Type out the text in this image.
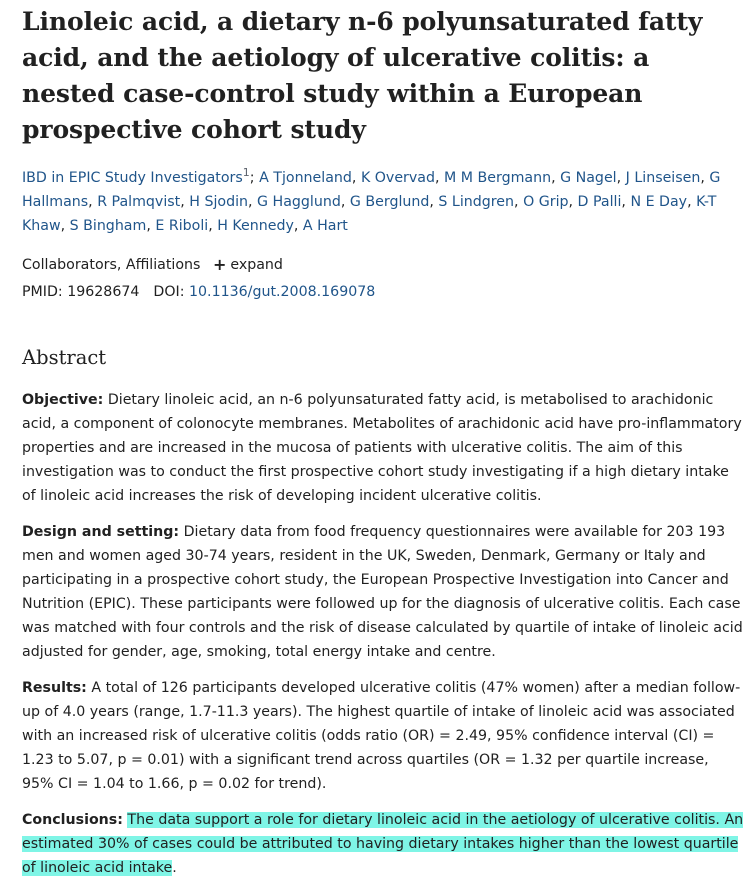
Linoleic acid, a dietary n-6 polyunsaturated fatty acid, and the aetiology of ulcerative colitis: a nested case-control study within a European prospective cohort study
IBD in EPIC Study Investigators$^1$; A Tjonneland, K Overvad, M M Bergmann, G Nagel, J Linseisen, G Hallmans, R Palmqvist, H Sjodin, G Hagglund, G Berglund, S Lindgren, O Grip, D Palli, N E Day, K-T Khaw, S Bingham, E Riboli, H Kennedy, A Hart
Collaborators, Affiliations + expand
PMID: 19628674 DOI: 10.1136/gut.2008.169078
Abstract

Objective: Dietary linoleic acid, an n-6 polyunsaturated fatty acid, is metabolised to arachidonic acid, a component of colonocyte membranes. Metabolites of arachidonic acid have pro-inflammatory properties and are increased in the mucosa of patients with ulcerative colitis. The aim of this investigation was to conduct the first prospective cohort study investigating if a high dietary intake of linoleic acid increases the risk of developing incident ulcerative colitis.

Design and setting: Dietary data from food frequency questionnaires were available for 203 193 men and women aged 30-74 years, resident in the UK, Sweden, Denmark, Germany or Italy and participating in a prospective cohort study, the European Prospective Investigation into Cancer and Nutrition (EPIC). These participants were followed up for the diagnosis of ulcerative colitis. Each case was matched with four controls and the risk of disease calculated by quartile of intake of linoleic acid adjusted for gender, age, smoking, total energy intake and centre.

Results: A total of 126 participants developed ulcerative colitis (47% women) after a median follow-up of 4.0 years (range, 1.7-11.3 years). The highest quartile of intake of linoleic acid was associated with an increased risk of ulcerative colitis (odds ratio (OR) = 2.49, 95% confidence interval (CI) = 1.23 to 5.07, p = 0.01) with a significant trend across quartiles (OR = 1.32 per quartile increase, 95% CI = 1.04 to 1.66, p = 0.02 for trend).

Conclusions: The data support a role for dietary linoleic acid in the aetiology of ulcerative colitis. An estimated 30% of cases could be attributed to having dietary intakes higher than the lowest quartile of linoleic acid intake.
